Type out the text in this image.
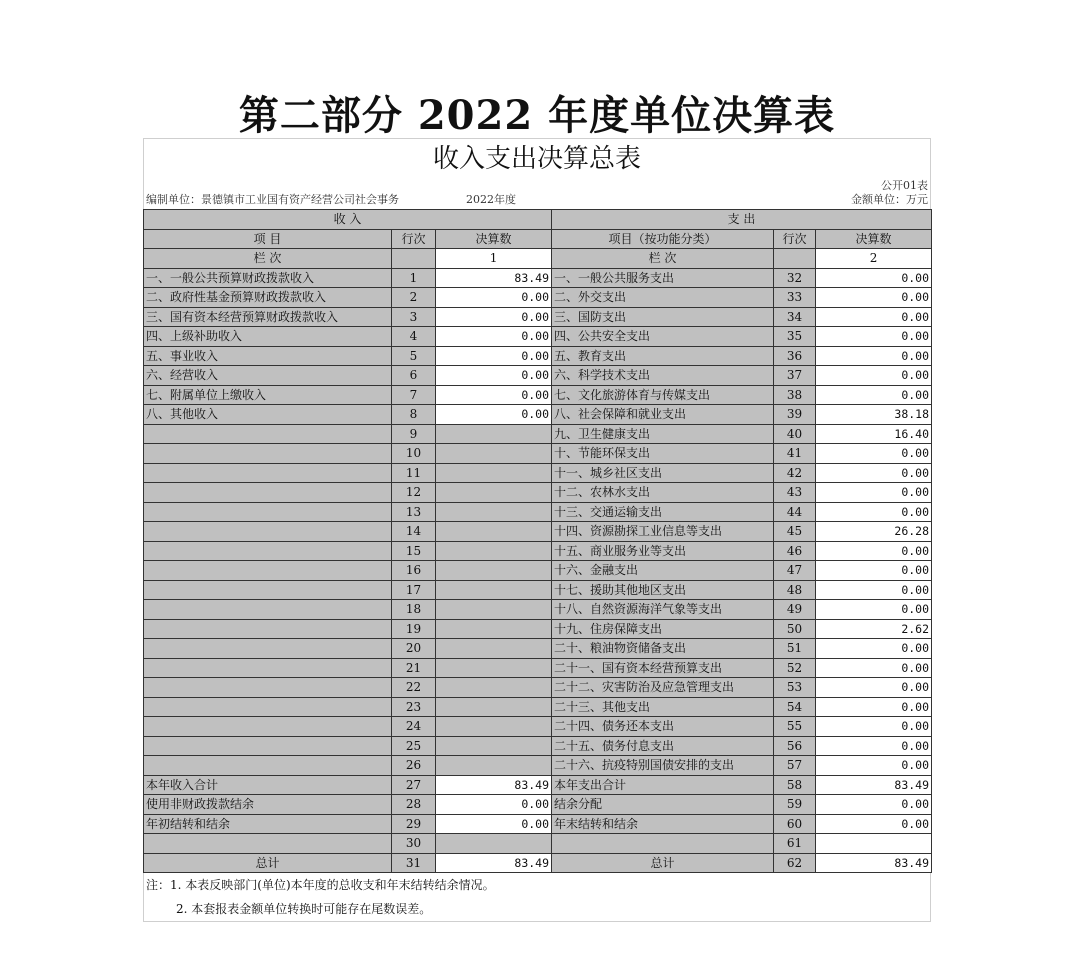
第二部分 2022 年度单位决算表
收入支出决算总表
公开01表
编制单位：景德镇市工业国有资产经营公司社会事务	2022年度	金额单位：万元
收 入			支 出		
项 目	行次	决算数	项目（按功能分类）	行次	决算数
栏 次		1	栏 次		2
一、一般公共预算财政拨款收入	1	83.49	一、一般公共服务支出	32	0.00
二、政府性基金预算财政拨款收入	2	0.00	二、外交支出	33	0.00
三、国有资本经营预算财政拨款收入	3	0.00	三、国防支出	34	0.00
四、上级补助收入	4	0.00	四、公共安全支出	35	0.00
五、事业收入	5	0.00	五、教育支出	36	0.00
六、经营收入	6	0.00	六、科学技术支出	37	0.00
七、附属单位上缴收入	7	0.00	七、文化旅游体育与传媒支出	38	0.00
八、其他收入	8	0.00	八、社会保障和就业支出	39	38.18
	9		九、卫生健康支出	40	16.40
	10		十、节能环保支出	41	0.00
	11		十一、城乡社区支出	42	0.00
	12		十二、农林水支出	43	0.00
	13		十三、交通运输支出	44	0.00
	14		十四、资源勘探工业信息等支出	45	26.28
	15		十五、商业服务业等支出	46	0.00
	16		十六、金融支出	47	0.00
	17		十七、援助其他地区支出	48	0.00
	18		十八、自然资源海洋气象等支出	49	0.00
	19		十九、住房保障支出	50	2.62
	20		二十、粮油物资储备支出	51	0.00
	21		二十一、国有资本经营预算支出	52	0.00
	22		二十二、灾害防治及应急管理支出	53	0.00
	23		二十三、其他支出	54	0.00
	24		二十四、债务还本支出	55	0.00
	25		二十五、债务付息支出	56	0.00
	26		二十六、抗疫特别国债安排的支出	57	0.00
本年收入合计	27	83.49	本年支出合计	58	83.49
使用非财政拨款结余	28	0.00	结余分配	59	0.00
年初结转和结余	29	0.00	年末结转和结余	60	0.00
	30			61	
总计	31	83.49	总计	62	83.49
注：1. 本表反映部门(单位)本年度的总收支和年末结转结余情况。
2. 本套报表金额单位转换时可能存在尾数误差。
